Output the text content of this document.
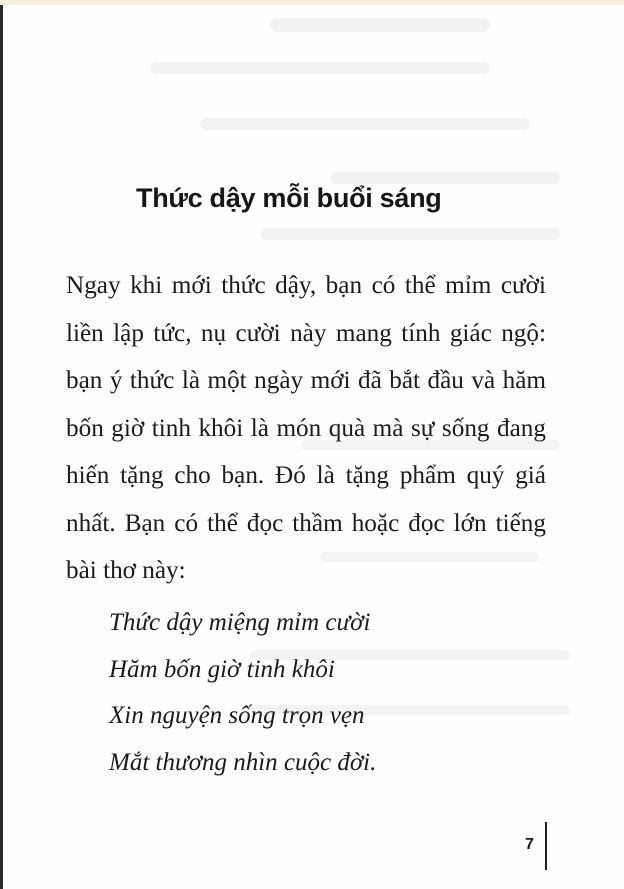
Thức dậy mỗi buổi sáng

Ngay khi mới thức dậy, bạn có thể mỉm cười
liền lập tức, nụ cười này mang tính giác ngộ:
bạn ý thức là một ngày mới đã bắt đầu và hăm
bốn giờ tinh khôi là món quà mà sự sống đang
hiến tặng cho bạn. Đó là tặng phẩm quý giá
nhất. Bạn có thể đọc thầm hoặc đọc lớn tiếng
bài thơ này:

Thức dậy miệng mỉm cười
Hăm bốn giờ tinh khôi
Xin nguyện sống trọn vẹn
Mắt thương nhìn cuộc đời.
7
